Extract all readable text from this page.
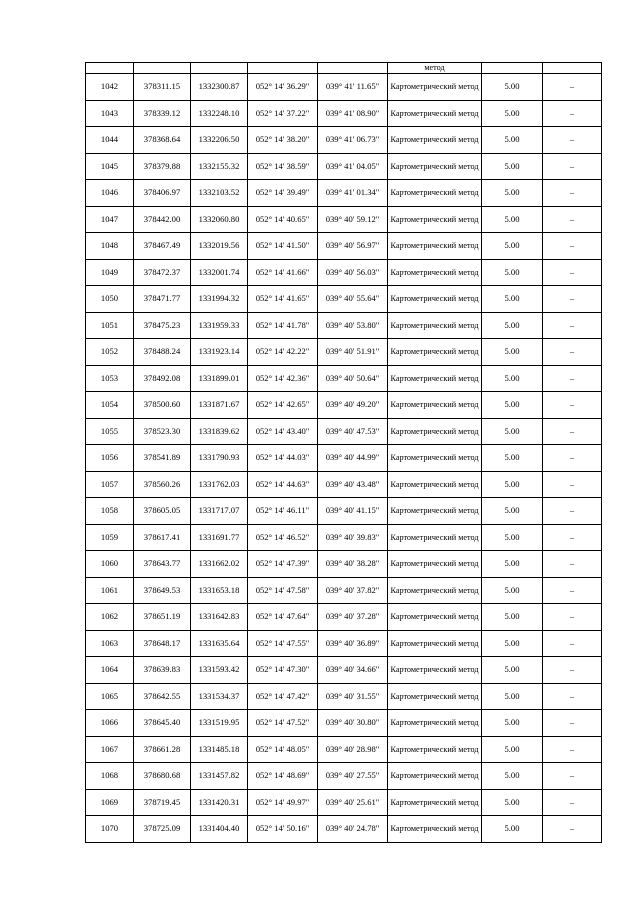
					метод		
1042	378311.15	1332300.87	052° 14' 36.29"	039° 41' 11.65"	Картометрический метод	5.00	–
1043	378339.12	1332248.10	052° 14' 37.22"	039° 41' 08.90"	Картометрический метод	5.00	–
1044	378368.64	1332206.50	052° 14' 38.20"	039° 41' 06.73"	Картометрический метод	5.00	–
1045	378379.88	1332155.32	052° 14' 38.59"	039° 41' 04.05"	Картометрический метод	5.00	–
1046	378406.97	1332103.52	052° 14' 39.49"	039° 41' 01.34"	Картометрический метод	5.00	–
1047	378442.00	1332060.80	052° 14' 40.65"	039° 40' 59.12"	Картометрический метод	5.00	–
1048	378467.49	1332019.56	052° 14' 41.50"	039° 40' 56.97"	Картометрический метод	5.00	–
1049	378472.37	1332001.74	052° 14' 41.66"	039° 40' 56.03"	Картометрический метод	5.00	–
1050	378471.77	1331994.32	052° 14' 41.65"	039° 40' 55.64"	Картометрический метод	5.00	–
1051	378475.23	1331959.33	052° 14' 41.78"	039° 40' 53.80"	Картометрический метод	5.00	–
1052	378488.24	1331923.14	052° 14' 42.22"	039° 40' 51.91"	Картометрический метод	5.00	–
1053	378492.08	1331899.01	052° 14' 42.36"	039° 40' 50.64"	Картометрический метод	5.00	–
1054	378500.60	1331871.67	052° 14' 42.65"	039° 40' 49.20"	Картометрический метод	5.00	–
1055	378523.30	1331839.62	052° 14' 43.40"	039° 40' 47.53"	Картометрический метод	5.00	–
1056	378541.89	1331790.93	052° 14' 44.03"	039° 40' 44.99"	Картометрический метод	5.00	–
1057	378560.26	1331762.03	052° 14' 44.63"	039° 40' 43.48"	Картометрический метод	5.00	–
1058	378605.05	1331717.07	052° 14' 46.11"	039° 40' 41.15"	Картометрический метод	5.00	–
1059	378617.41	1331691.77	052° 14' 46.52"	039° 40' 39.83"	Картометрический метод	5.00	–
1060	378643.77	1331662.02	052° 14' 47.39"	039° 40' 38.28"	Картометрический метод	5.00	–
1061	378649.53	1331653.18	052° 14' 47.58"	039° 40' 37.82"	Картометрический метод	5.00	–
1062	378651.19	1331642.83	052° 14' 47.64"	039° 40' 37.28"	Картометрический метод	5.00	–
1063	378648.17	1331635.64	052° 14' 47.55"	039° 40' 36.89"	Картометрический метод	5.00	–
1064	378639.83	1331593.42	052° 14' 47.30"	039° 40' 34.66"	Картометрический метод	5.00	–
1065	378642.55	1331534.37	052° 14' 47.42"	039° 40' 31.55"	Картометрический метод	5.00	–
1066	378645.40	1331519.95	052° 14' 47.52"	039° 40' 30.80"	Картометрический метод	5.00	–
1067	378661.28	1331485.18	052° 14' 48.05"	039° 40' 28.98"	Картометрический метод	5.00	–
1068	378680.68	1331457.82	052° 14' 48.69"	039° 40' 27.55"	Картометрический метод	5.00	–
1069	378719.45	1331420.31	052° 14' 49.97"	039° 40' 25.61"	Картометрический метод	5.00	–
1070	378725.09	1331404.40	052° 14' 50.16"	039° 40' 24.78"	Картометрический метод	5.00	–
